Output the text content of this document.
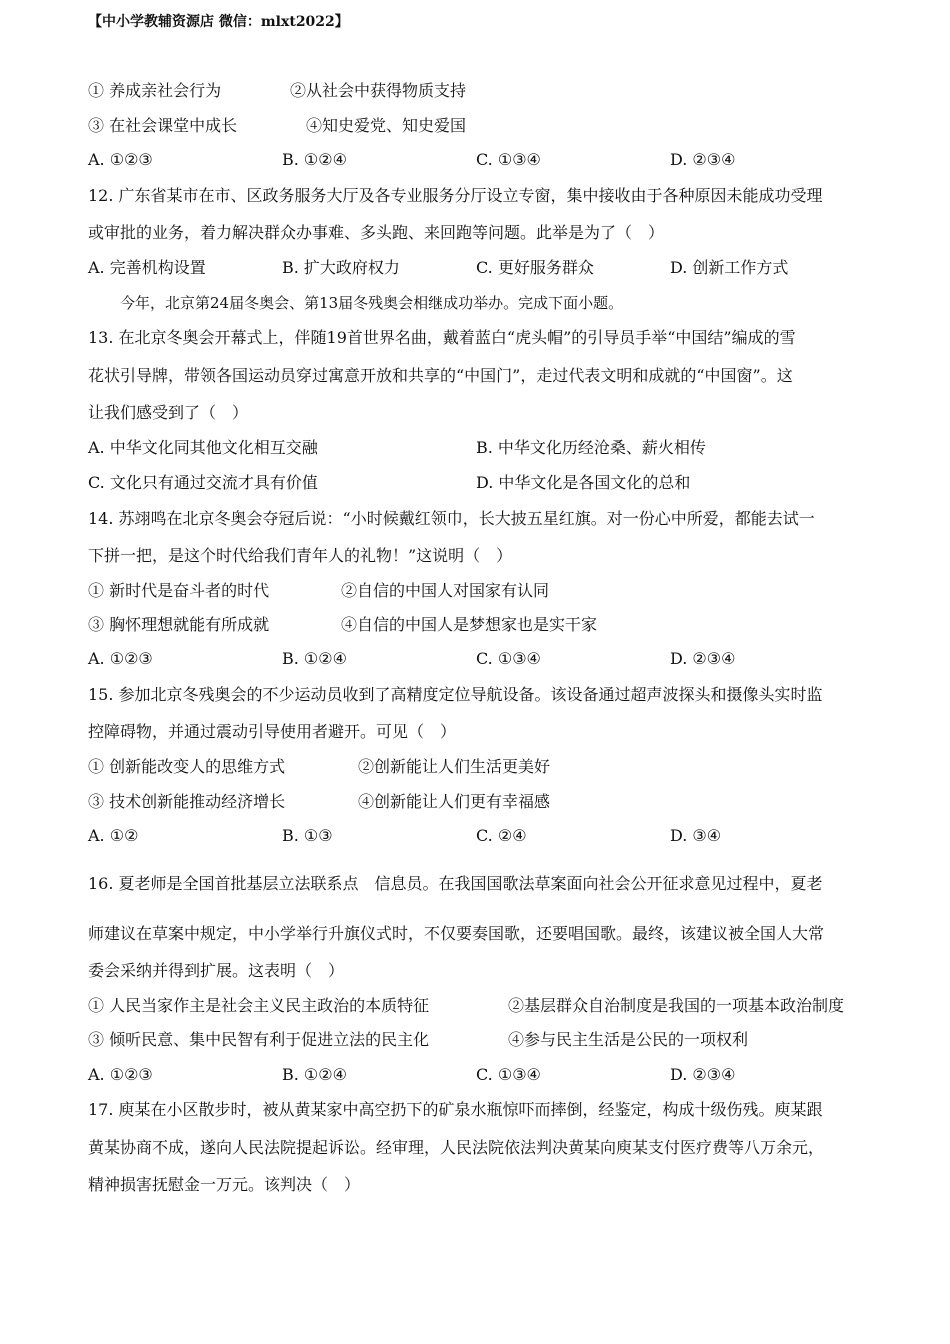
【中小学教辅资源店 微信：mlxt2022】
① 养成亲社会行为	②从社会中获得物质支持
③ 在社会课堂中成长	④知史爱党、知史爱国
A. ①②③	B. ①②④	C. ①③④	D. ②③④
12. 广东省某市在市、区政务服务大厅及各专业服务分厅设立专窗，集中接收由于各种原因未能成功受理
或审批的业务，着力解决群众办事难、多头跑、来回跑等问题。此举是为了（　）
A. 完善机构设置	B. 扩大政府权力	C. 更好服务群众	D. 创新工作方式
今年，北京第24届冬奥会、第13届冬残奥会相继成功举办。完成下面小题。
13. 在北京冬奥会开幕式上，伴随19首世界名曲，戴着蓝白“虎头帽”的引导员手举“中国结”编成的雪
花状引导牌，带领各国运动员穿过寓意开放和共享的“中国门”，走过代表文明和成就的“中国窗”。这
让我们感受到了（　）
A. 中华文化同其他文化相互交融	B. 中华文化历经沧桑、薪火相传
C. 文化只有通过交流才具有价值	D. 中华文化是各国文化的总和
14. 苏翊鸣在北京冬奥会夺冠后说：“小时候戴红领巾，长大披五星红旗。对一份心中所爱，都能去试一
下拼一把，是这个时代给我们青年人的礼物！”这说明（　）
① 新时代是奋斗者的时代	②自信的中国人对国家有认同
③ 胸怀理想就能有所成就	④自信的中国人是梦想家也是实干家
A. ①②③	B. ①②④	C. ①③④	D. ②③④
15. 参加北京冬残奥会的不少运动员收到了高精度定位导航设备。该设备通过超声波探头和摄像头实时监
控障碍物，并通过震动引导使用者避开。可见（　）
① 创新能改变人的思维方式	②创新能让人们生活更美好
③ 技术创新能推动经济增长	④创新能让人们更有幸福感
A. ①②	B. ①③	C. ②④	D. ③④
16. 夏老师是全国首批基层立法联系点　信息员。在我国国歌法草案面向社会公开征求意见过程中，夏老
师建议在草案中规定，中小学举行升旗仪式时，不仅要奏国歌，还要唱国歌。最终，该建议被全国人大常
委会采纳并得到扩展。这表明（　）
① 人民当家作主是社会主义民主政治的本质特征	②基层群众自治制度是我国的一项基本政治制度
③ 倾听民意、集中民智有利于促进立法的民主化	④参与民主生活是公民的一项权利
A. ①②③	B. ①②④	C. ①③④	D. ②③④
17. 庾某在小区散步时，被从黄某家中高空扔下的矿泉水瓶惊吓而摔倒，经鉴定，构成十级伤残。庾某跟
黄某协商不成，遂向人民法院提起诉讼。经审理，人民法院依法判决黄某向庾某支付医疗费等八万余元，
精神损害抚慰金一万元。该判决（　）
